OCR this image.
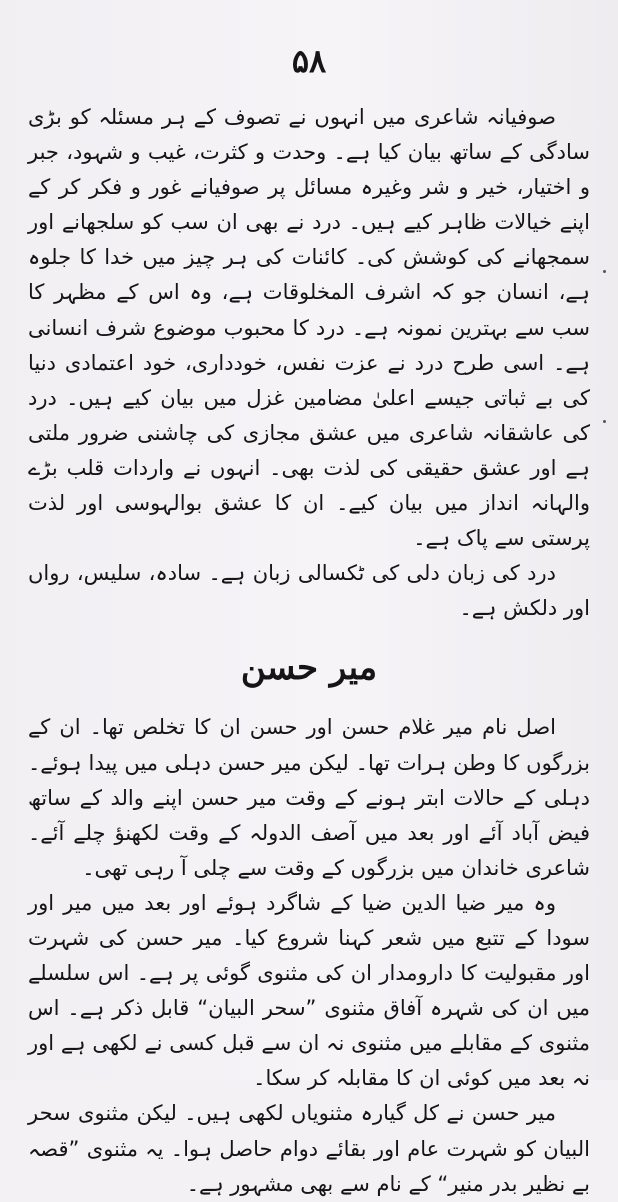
۵۸

صوفیانہ شاعری میں انہوں نے تصوف کے ہر مسئلہ کو بڑی سادگی کے ساتھ بیان کیا ہے۔ وحدت و کثرت، غیب و شہود، جبر و اختیار، خیر و شر وغیرہ مسائل پر صوفیانے غور و فکر کر کے اپنے خیالات ظاہر کیے ہیں۔ درد نے بھی ان سب کو سلجھانے اور سمجھانے کی کوشش کی۔ کائنات کی ہر چیز میں خدا کا جلوہ ہے، انسان جو کہ اشرف المخلوقات ہے، وہ اس کے مظہر کا سب سے بہترین نمونہ ہے۔ درد کا محبوب موضوع شرف انسانی ہے۔ اسی طرح درد نے عزت نفس، خودداری، خود اعتمادی دنیا کی بے ثباتی جیسے اعلیٰ مضامین غزل میں بیان کیے ہیں۔ درد کی عاشقانہ شاعری میں عشق مجازی کی چاشنی ضرور ملتی ہے اور عشق حقیقی کی لذت بھی۔ انہوں نے واردات قلب بڑے والہانہ انداز میں بیان کیے۔ ان کا عشق بوالہوسی اور لذت پرستی سے پاک ہے۔

درد کی زبان دلی کی ٹکسالی زبان ہے۔ سادہ، سلیس، رواں اور دلکش ہے۔

میر حسن

اصل نام میر غلام حسن اور حسن ان کا تخلص تھا۔ ان کے بزرگوں کا وطن ہرات تھا۔ لیکن میر حسن دہلی میں پیدا ہوئے۔ دہلی کے حالات ابتر ہونے کے وقت میر حسن اپنے والد کے ساتھ فیض آباد آئے اور بعد میں آصف الدولہ کے وقت لکھنؤ چلے آئے۔ شاعری خاندان میں بزرگوں کے وقت سے چلی آ رہی تھی۔

وہ میر ضیا الدین ضیا کے شاگرد ہوئے اور بعد میں میر اور سودا کے تتبع میں شعر کہنا شروع کیا۔ میر حسن کی شہرت اور مقبولیت کا دارومدار ان کی مثنوی گوئی پر ہے۔ اس سلسلے میں ان کی شہرہ آفاق مثنوی ”سحر البیان“ قابل ذکر ہے۔ اس مثنوی کے مقابلے میں مثنوی نہ ان سے قبل کسی نے لکھی ہے اور نہ بعد میں کوئی ان کا مقابلہ کر سکا۔

میر حسن نے کل گیارہ مثنویاں لکھی ہیں۔ لیکن مثنوی سحر البیان کو شہرت عام اور بقائے دوام حاصل ہوا۔ یہ مثنوی ”قصہ بے نظیر بدر منیر“ کے نام سے بھی مشہور ہے۔
